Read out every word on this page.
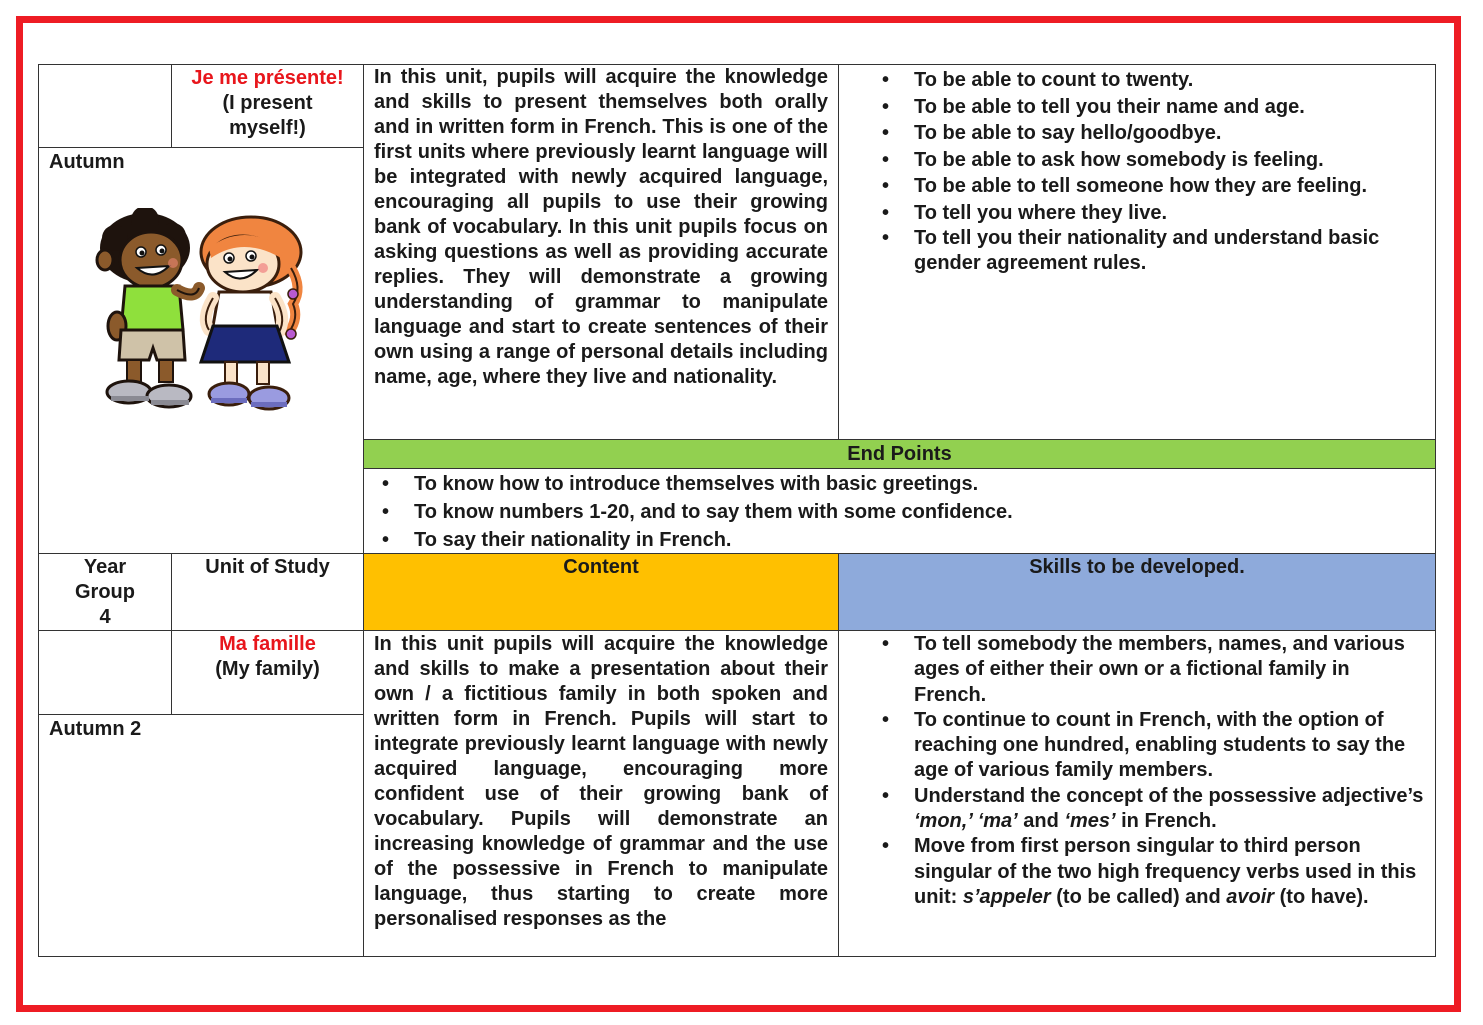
Je me présente!
(I present
myself!)
Autumn
In this unit, pupils will acquire the knowledge and skills to present themselves both orally and in written form in French. This is one of the first units where previously learnt language will be integrated with newly acquired language, encouraging all pupils to use their growing bank of vocabulary. In this unit pupils focus on asking questions as well as providing accurate replies. They will demonstrate a growing understanding of grammar to manipulate language and start to create sentences of their own using a range of personal details including name, age, where they live and nationality.
• To be able to count to twenty.
• To be able to tell you their name and age.
• To be able to say hello/goodbye.
• To be able to ask how somebody is feeling.
• To be able to tell someone how they are feeling.
• To tell you where they live.
• To tell you their nationality and understand basic gender agreement rules.
End Points
• To know how to introduce themselves with basic greetings.
• To know numbers 1-20, and to say them with some confidence.
• To say their nationality in French.
Year
Group
4
Unit of Study	Content	Skills to be developed.
Ma famille
(My family)
Autumn 2
In this unit pupils will acquire the knowledge and skills to make a presentation about their own / a fictitious family in both spoken and written form in French. Pupils will start to integrate previously learnt language with newly acquired language, encouraging more confident use of their growing bank of vocabulary. Pupils will demonstrate an increasing knowledge of grammar and the use of the possessive in French to manipulate language, thus starting to create more personalised responses as the
• To tell somebody the members, names, and various ages of either their own or a fictional family in French.
• To continue to count in French, with the option of reaching one hundred, enabling students to say the age of various family members.
• Understand the concept of the possessive adjective’s ‘mon,’ ‘ma’ and ‘mes’ in French.
• Move from first person singular to third person singular of the two high frequency verbs used in this unit: s’appeler (to be called) and avoir (to have).
